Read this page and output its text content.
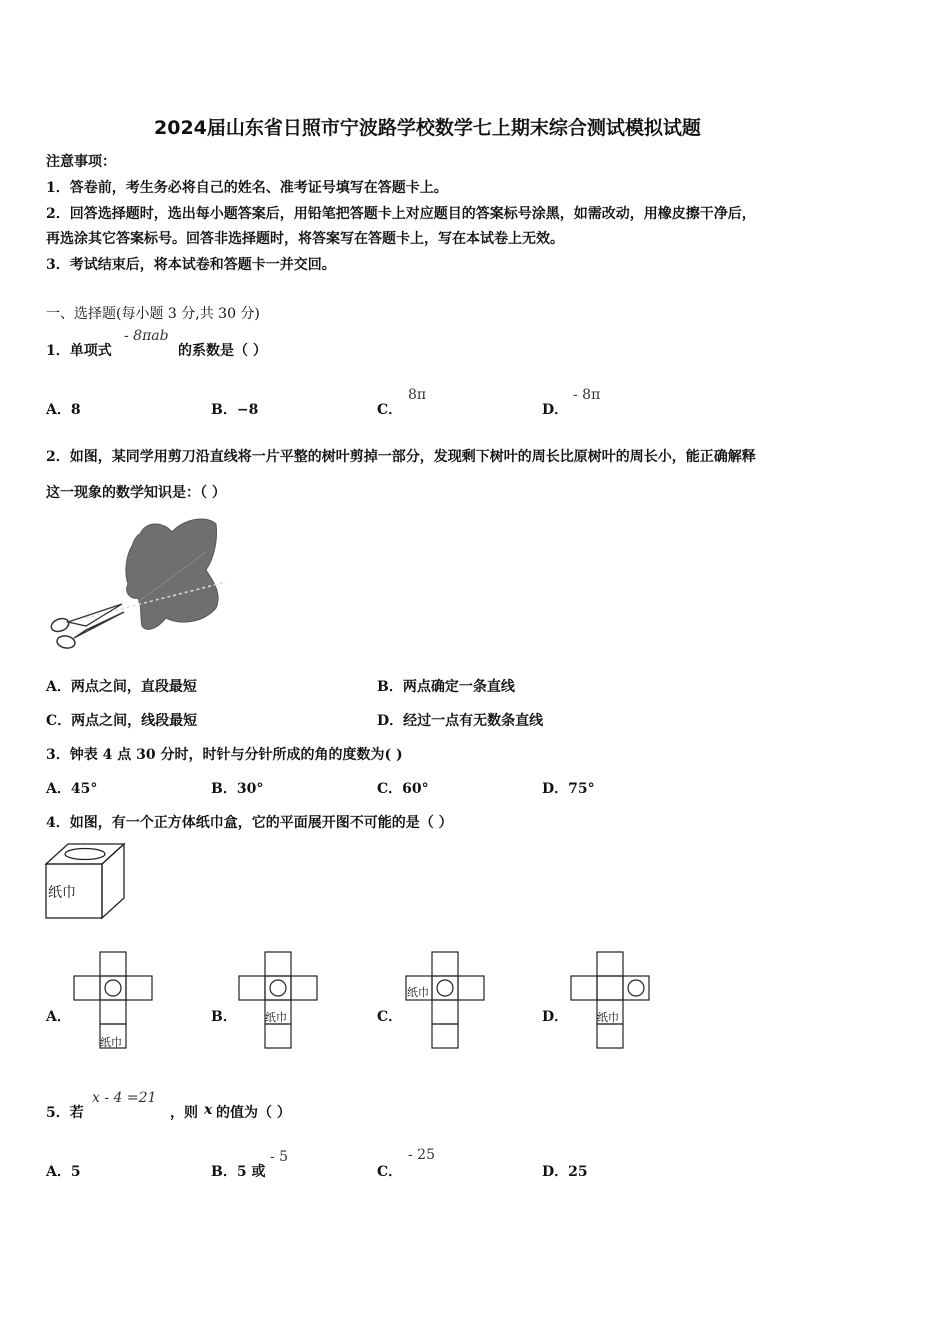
2024届山东省日照市宁波路学校数学七上期末综合测试模拟试题
注意事项：
1．答卷前，考生务必将自己的姓名、准考证号填写在答题卡上。
2．回答选择题时，选出每小题答案后，用铅笔把答题卡上对应题目的答案标号涂黑，如需改动，用橡皮擦干净后，
再选涂其它答案标号。回答非选择题时，将答案写在答题卡上，写在本试卷上无效。
3．考试结束后，将本试卷和答题卡一并交回。
一、选择题(每小题 3 分,共 30 分)
1．单项式
- 8πab
的系数是（ ）
A．8	B．−8	C．
8π
D．
- 8π
2．如图，某同学用剪刀沿直线将一片平整的树叶剪掉一部分，发现剩下树叶的周长比原树叶的周长小，能正确解释
这一现象的数学知识是：（ ）
A．两点之间，直段最短	B．两点确定一条直线
C．两点之间，线段最短	D．经过一点有无数条直线
3．钟表 4 点 30 分时，时针与分针所成的角的度数为( )
A．45°	B．30°	C．60°	D．75°
4．如图，有一个正方体纸巾盒，它的平面展开图不可能的是（ ）
纸巾
A．
纸巾
B．	纸巾	C．
纸巾
D．	纸巾
5．若
x - 4 =21
，则 x 的值为（ ）
A．5	B．5 或
- 5
C．
- 25
D．25
